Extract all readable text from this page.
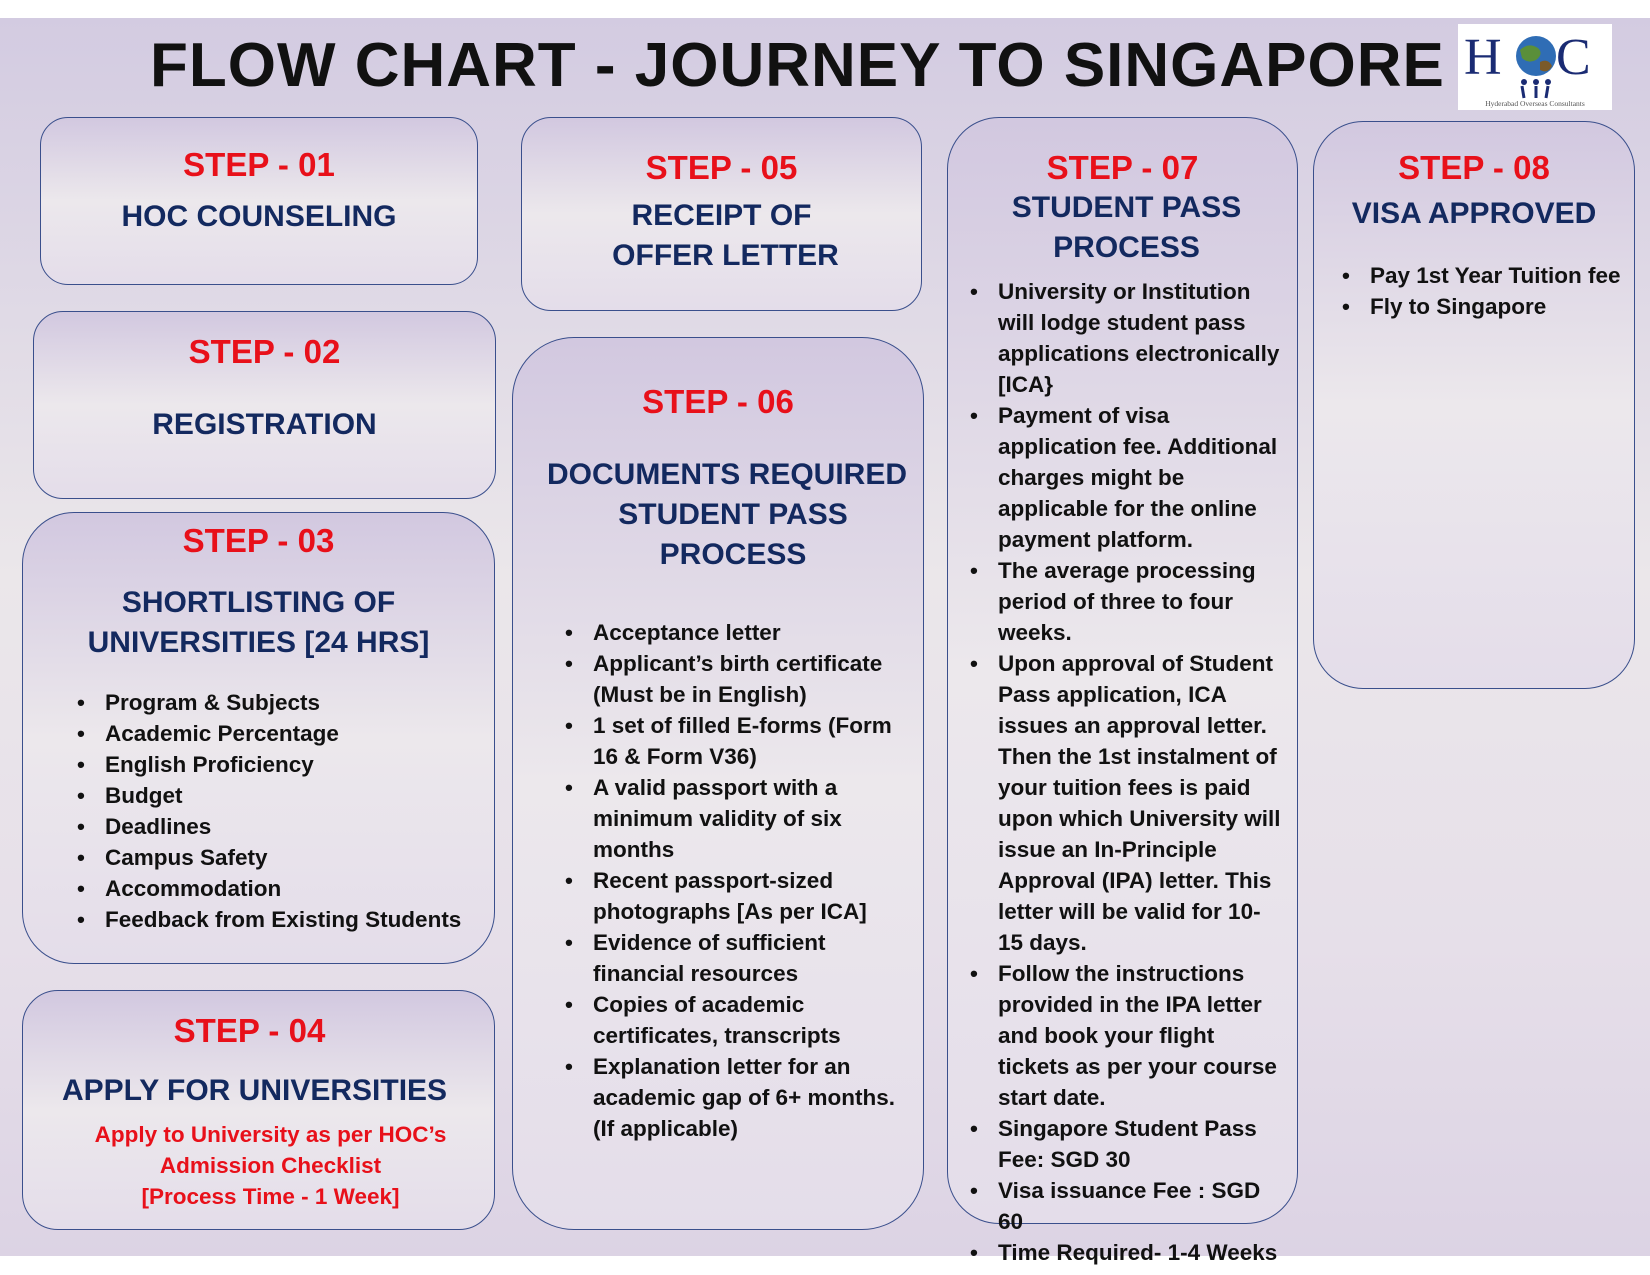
FLOW CHART - JOURNEY TO SINGAPORE H C
Hyderabad Overseas Consultants
STEP - 01
HOC COUNSELING
STEP - 02
REGISTRATION
STEP - 03
SHORTLISTING OF
UNIVERSITIES [24 HRS]
• Program & Subjects
• Academic Percentage
• English Proficiency
• Budget
• Deadlines
• Campus Safety
• Accommodation
• Feedback from Existing Students
STEP - 04
APPLY FOR UNIVERSITIES
Apply to University as per HOC’s
Admission Checklist
[Process Time - 1 Week]
STEP - 05
RECEIPT OF
OFFER LETTER
STEP - 06
DOCUMENTS REQUIRED
STUDENT PASS PROCESS
• Acceptance letter
• Applicant’s birth certificate (Must be in English)
• 1 set of filled E-forms (Form 16 & Form V36)
• A valid passport with a minimum validity of six months
• Recent passport-sized photographs [As per ICA]
• Evidence of sufficient financial resources
• Copies of academic certificates, transcripts
• Explanation letter for an academic gap of 6+ months. (If applicable)
STEP - 07
STUDENT PASS
PROCESS
• University or Institution will lodge student pass applications electronically [ICA}
• Payment of visa application fee. Additional charges might be applicable for the online payment platform.
• The average processing period of three to four weeks.
• Upon approval of Student Pass application, ICA issues an approval letter. Then the 1st instalment of your tuition fees is paid upon which University will issue an In-Principle Approval (IPA) letter. This letter will be valid for 10-15 days.
• Follow the instructions provided in the IPA letter and book your flight tickets as per your course start date.
• Singapore Student Pass Fee: SGD 30
• Visa issuance Fee : SGD 60
• Time Required- 1-4 Weeks
STEP - 08
VISA APPROVED
• Pay 1st Year Tuition fee
• Fly to Singapore
